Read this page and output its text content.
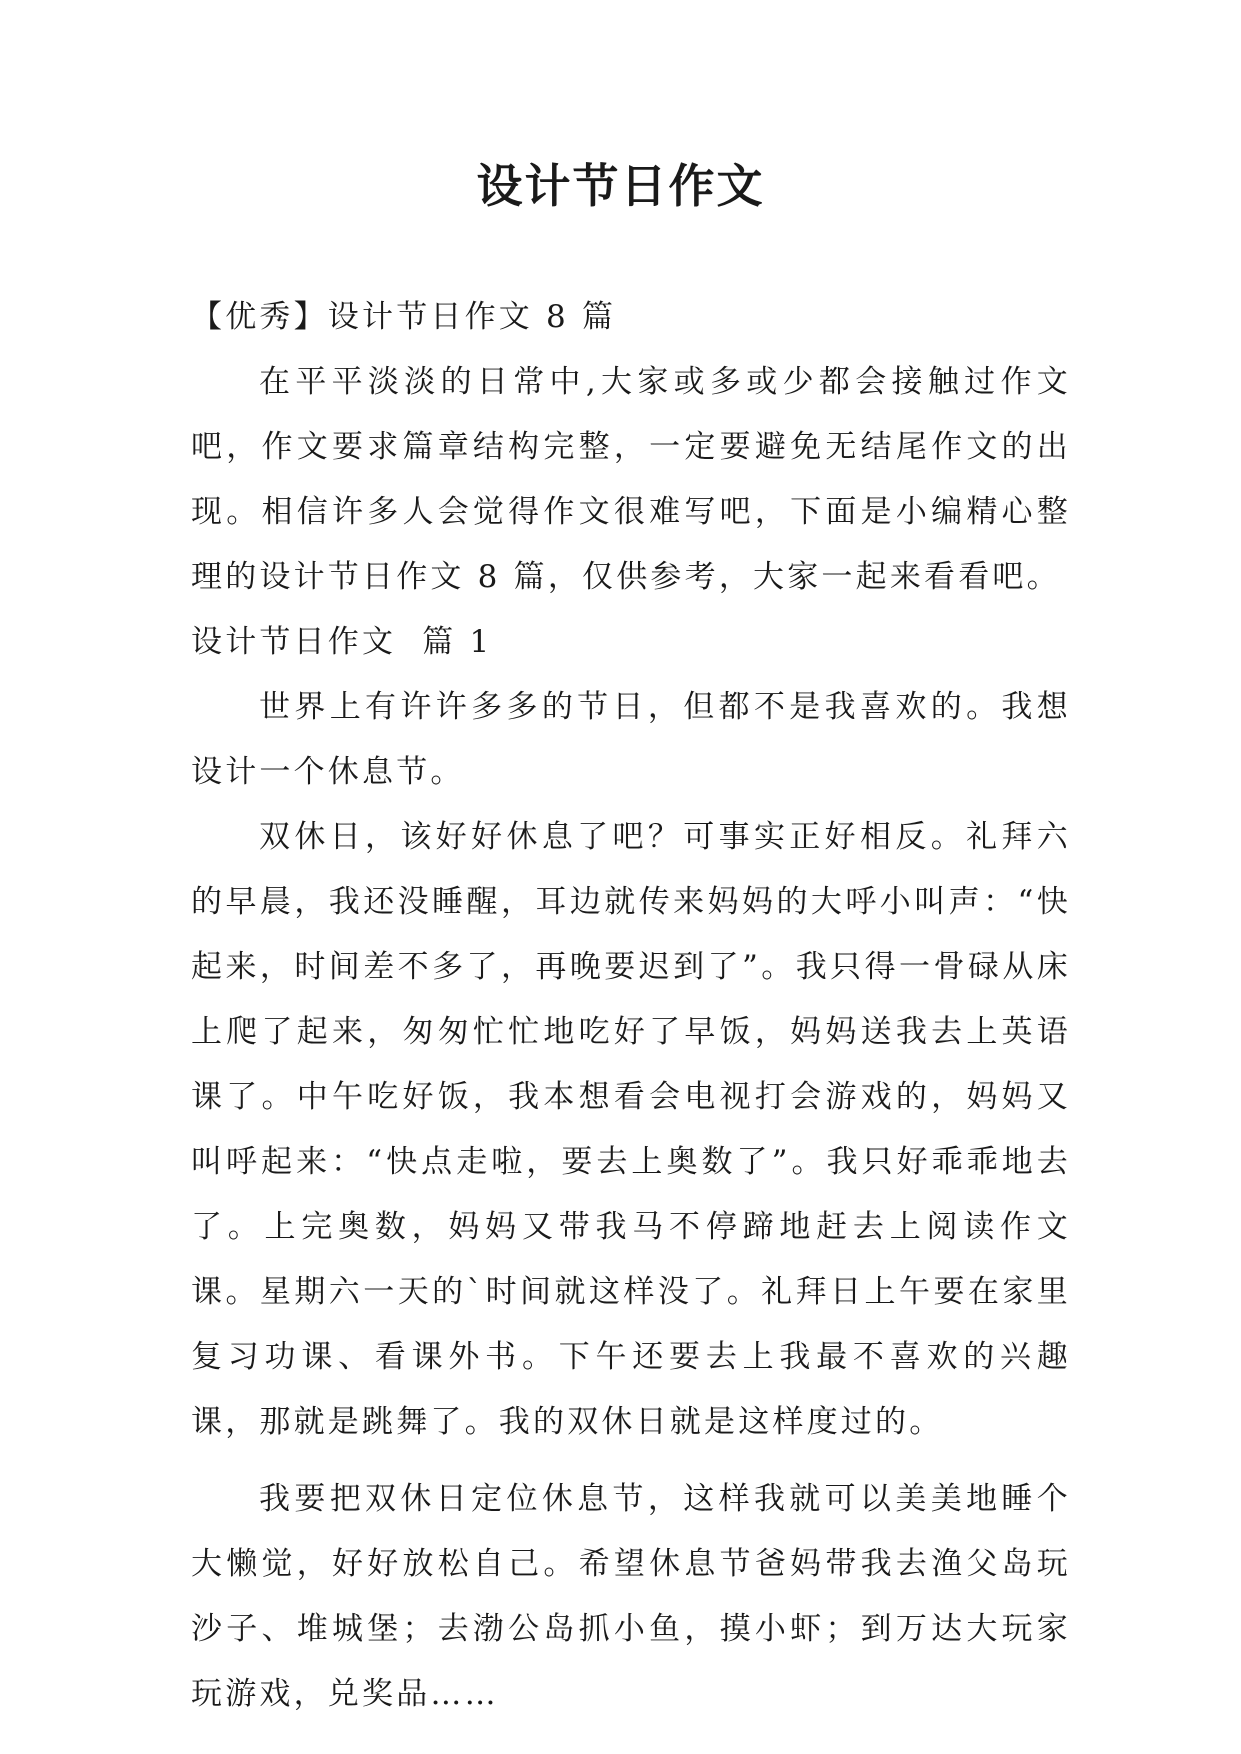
设计节日作文

【优秀】设计节日作文 8 篇

在平平淡淡的日常中,大家或多或少都会接触过作文吧，作文要求篇章结构完整，一定要避免无结尾作文的出现。相信许多人会觉得作文很难写吧，下面是小编精心整理的设计节日作文 8 篇，仅供参考，大家一起来看看吧。

设计节日作文  篇 1

世界上有许许多多的节日，但都不是我喜欢的。我想设计一个休息节。

双休日，该好好休息了吧？可事实正好相反。礼拜六的早晨，我还没睡醒，耳边就传来妈妈的大呼小叫声：“快起来，时间差不多了，再晚要迟到了”。我只得一骨碌从床上爬了起来，匆匆忙忙地吃好了早饭，妈妈送我去上英语课了。中午吃好饭，我本想看会电视打会游戏的，妈妈又叫呼起来：“快点走啦，要去上奥数了”。我只好乖乖地去了。上完奥数，妈妈又带我马不停蹄地赶去上阅读作文课。星期六一天的`时间就这样没了。礼拜日上午要在家里复习功课、看课外书。下午还要去上我最不喜欢的兴趣课，那就是跳舞了。我的双休日就是这样度过的。

我要把双休日定位休息节，这样我就可以美美地睡个大懒觉，好好放松自己。希望休息节爸妈带我去渔父岛玩沙子、堆城堡；去渤公岛抓小鱼，摸小虾；到万达大玩家玩游戏，兑奖品……
